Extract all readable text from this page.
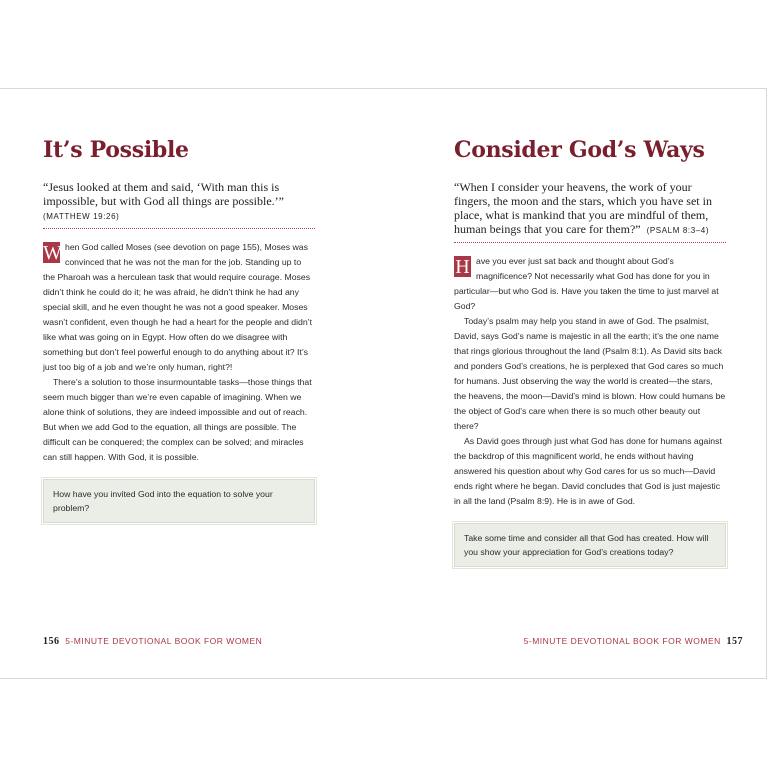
It’s Possible
“Jesus looked at them and said, ‘With man this is impossible, but with God all things are possible.’”
(MATTHEW 19:26)

W hen God called Moses (see devotion on page 155), Moses was convinced that he was not the man for the job. Standing up to the Pharoah was a herculean task that would require courage. Moses didn’t think he could do it; he was afraid, he didn’t think he had any special skill, and he even thought he was not a good speaker. Moses wasn’t confident, even though he had a heart for the people and didn’t like what was going on in Egypt. How often do we disagree with something but don’t feel powerful enough to do anything about it? It’s just too big of a job and we’re only human, right?!

There’s a solution to those insurmountable tasks—those things that seem much bigger than we’re even capable of imagining. When we alone think of solutions, they are indeed impossible and out of reach. But when we add God to the equation, all things are possible. The difficult can be conquered; the complex can be solved; and miracles can still happen. With God, it is possible.

How have you invited God into the equation to solve your problem?
156 5-MINUTE DEVOTIONAL BOOK FOR WOMEN
Consider God’s Ways
“When I consider your heavens, the work of your fingers, the moon and the stars, which you have set in place, what is mankind that you are mindful of them, human beings that you care for them?” (PSALM 8:3–4)

H ave you ever just sat back and thought about God’s magnificence? Not necessarily what God has done for you in particular—but who God is. Have you taken the time to just marvel at God?

Today’s psalm may help you stand in awe of God. The psalmist, David, says God’s name is majestic in all the earth; it’s the one name that rings glorious throughout the land (Psalm 8:1). As David sits back and ponders God’s creations, he is perplexed that God cares so much for humans. Just observing the way the world is created—the stars, the heavens, the moon—David’s mind is blown. How could humans be the object of God’s care when there is so much other beauty out there?

As David goes through just what God has done for humans against the backdrop of this magnificent world, he ends without having answered his question about why God cares for us so much—David ends right where he began. David concludes that God is just majestic in all the land (Psalm 8:9). He is in awe of God.

Take some time and consider all that God has created. How will you show your appreciation for God’s creations today?
5-MINUTE DEVOTIONAL BOOK FOR WOMEN 157
